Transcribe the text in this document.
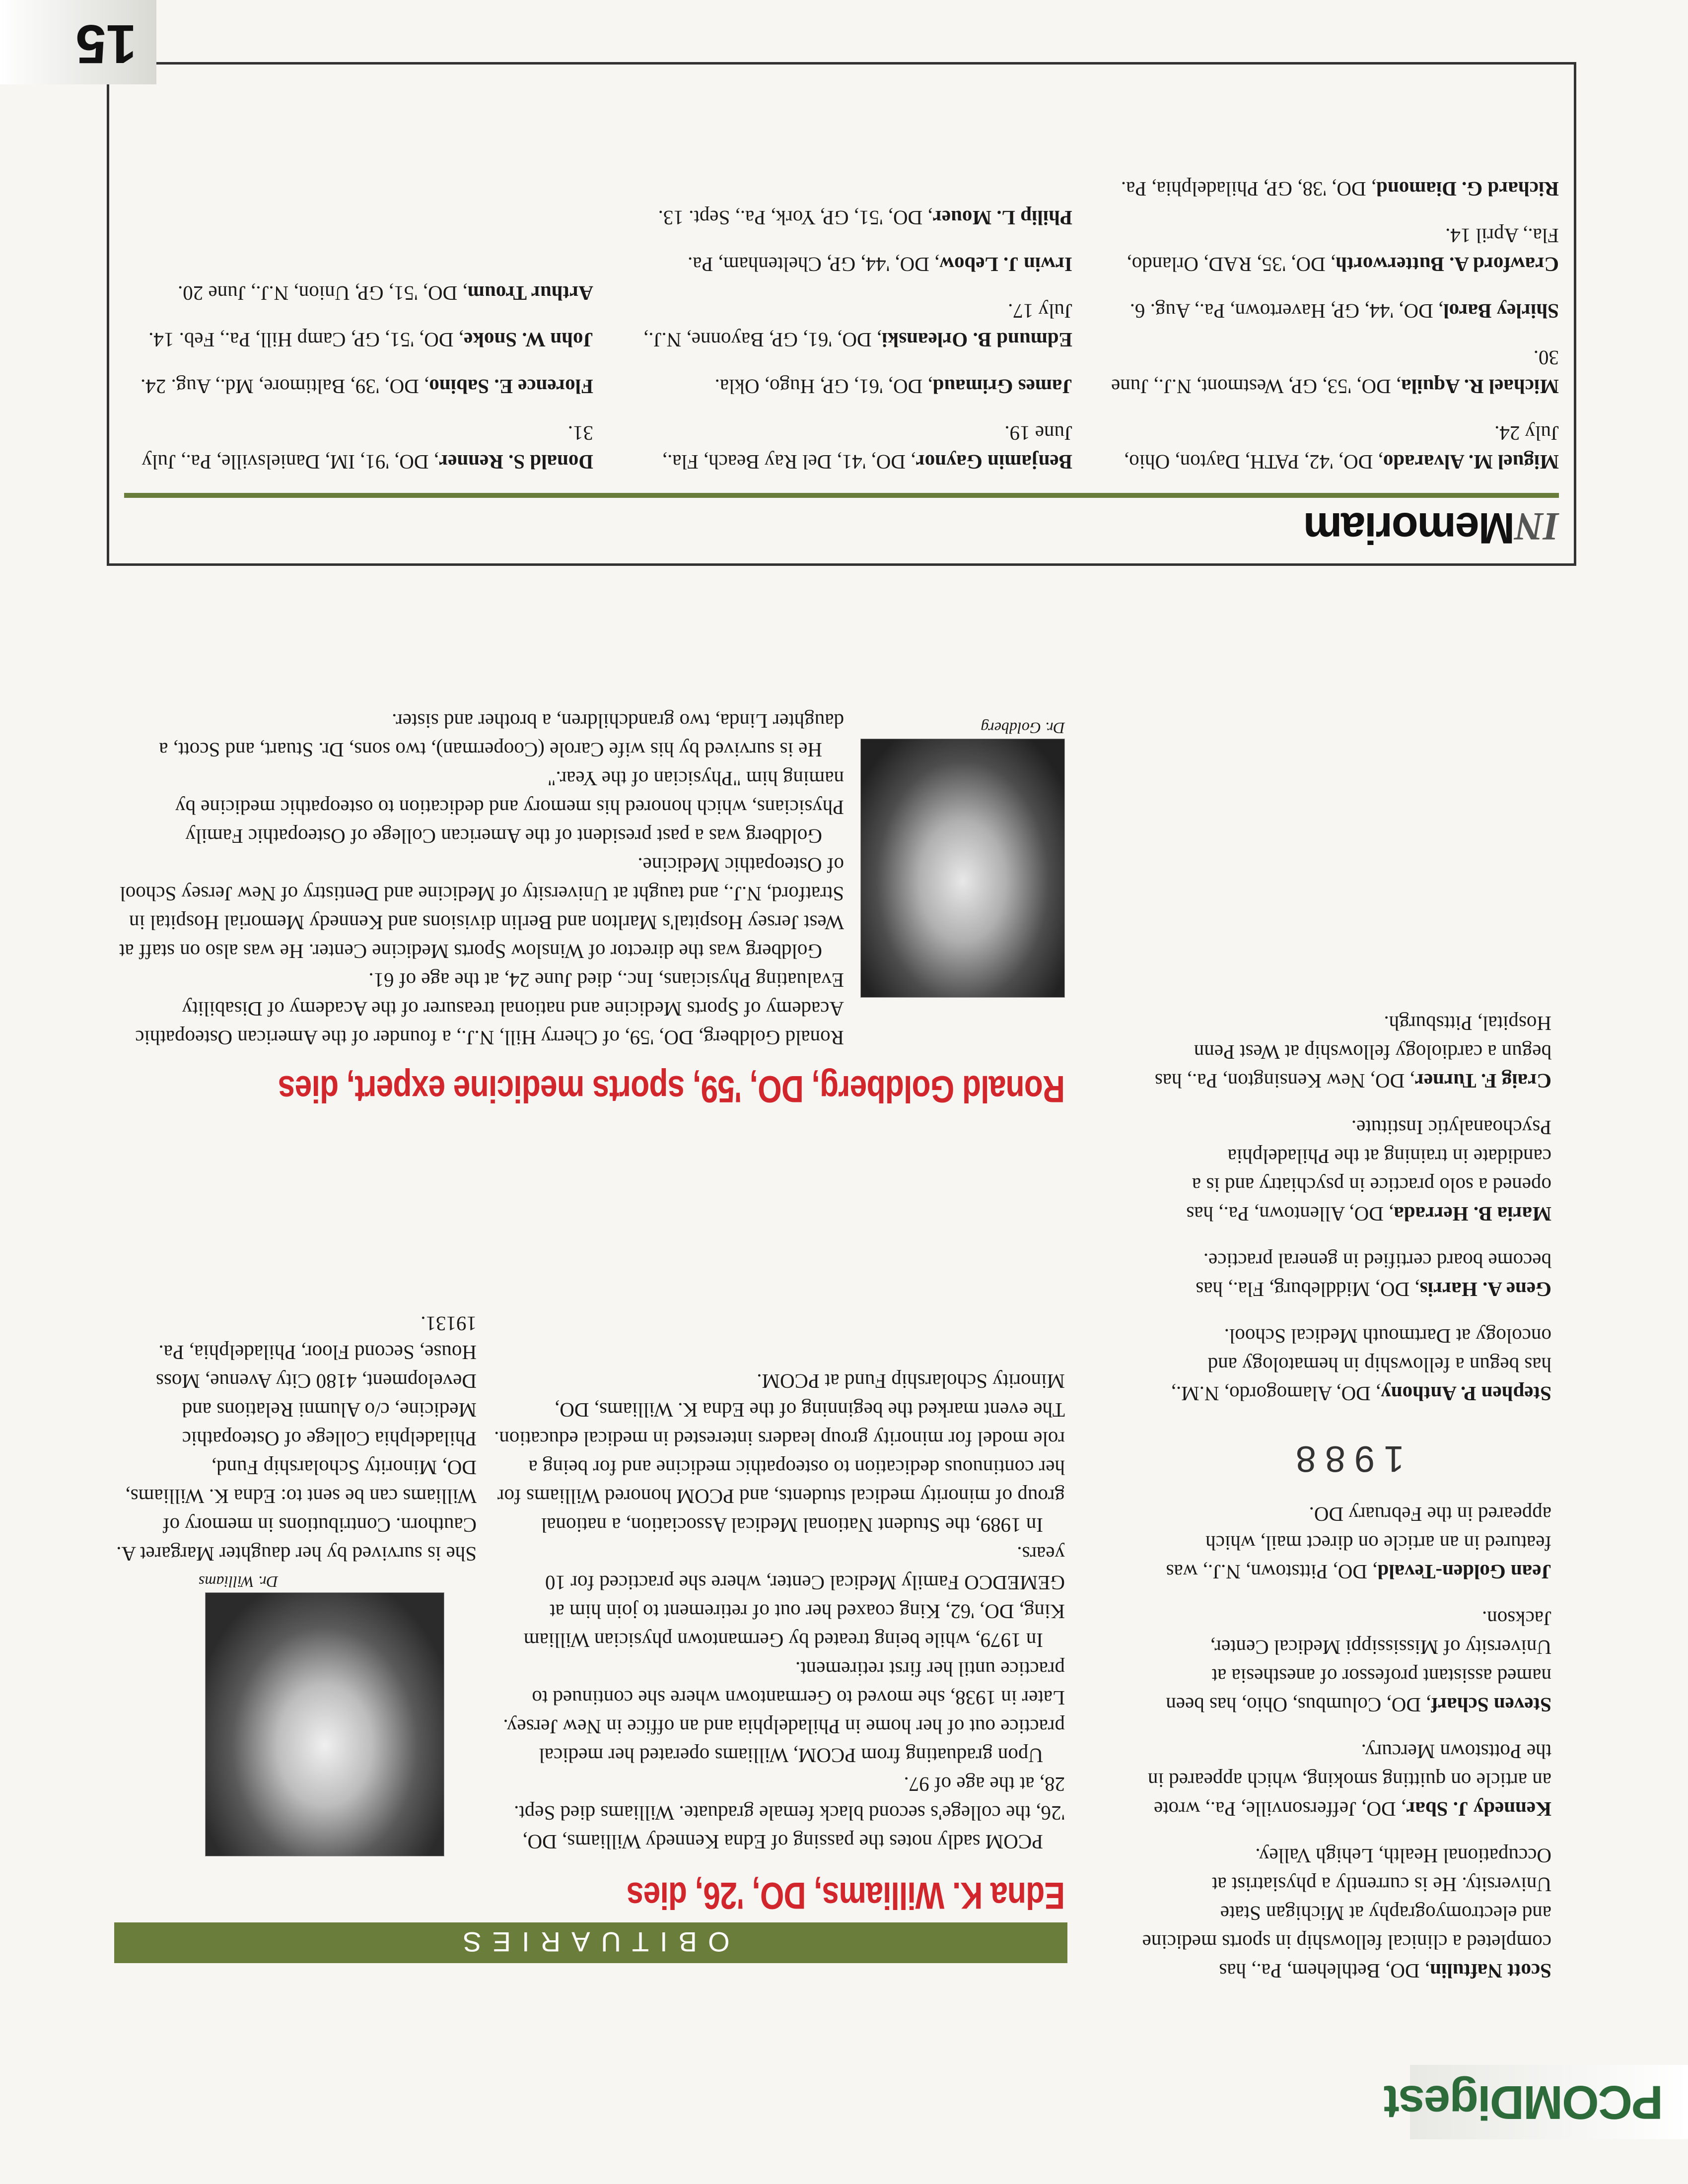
PCOMDigest
Scott Naftulin, DO, Bethlehem, Pa., has completed a clinical fellowship in sports medicine and electromyography at Michigan State University. He is currently a physiatrist at Occupational Health, Lehigh Valley.
Kennedy J. Sbar, DO, Jeffersonville, Pa., wrote an article on quitting smoking, which appeared in the Pottstown Mercury.
Steven Scharf, DO, Columbus, Ohio, has been named assistant professor of anesthesia at University of Mississippi Medical Center, Jackson.
Jean Golden-Tevald, DO, Pittstown, N.J., was featured in an article on direct mail, which appeared in the February DO.
1988
Stephen P. Anthony, DO, Alamogordo, N.M., has begun a fellowship in hematology and oncology at Dartmouth Medical School.
Gene A. Harris, DO, Middleburg, Fla., has become board certified in general practice.
Maria B. Herrada, DO, Allentown, Pa., has opened a solo practice in psychiatry and is a candidate in training at the Philadelphia Psychoanalytic Institute.
Craig F. Turner, DO, New Kensington, Pa., has begun a cardiology fellowship at West Penn Hospital, Pittsburgh.
OBITUARIES
Edna K. Williams, DO, '26, dies
Dr. Williams

PCOM sadly notes the passing of Edna Kennedy Williams, DO, '26, the college's second black female graduate. Williams died Sept. 28, at the age of 97.

Upon graduating from PCOM, Williams operated her medical practice out of her home in Philadelphia and an office in New Jersey. Later in 1938, she moved to Germantown where she continued to practice until her first retirement.

In 1979, while being treated by Germantown physician William King, DO, '62, King coaxed her out of retirement to join him at GEMEDCO Family Medical Center, where she practiced for 10 years.

In 1989, the Student National Medical Association, a national group of minority medical students, and PCOM honored Williams for her continuous dedication to osteopathic medicine and for being a role model for minority group leaders interested in medical education. The event marked the beginning of the Edna K. Williams, DO, Minority Scholarship Fund at PCOM.

She is survived by her daughter Margaret A. Cauthorn. Contributions in memory of Williams can be sent to: Edna K. Williams, DO, Minority Scholarship Fund, Philadelphia College of Osteopathic Medicine, c/o Alumni Relations and Development, 4180 City Avenue, Moss House, Second Floor, Philadelphia, Pa. 19131.

Ronald Goldberg, DO, '59, sports medicine expert, dies
Dr. Goldberg

Ronald Goldberg, DO, '59, of Cherry Hill, N.J., a founder of the American Osteopathic Academy of Sports Medicine and national treasurer of the Academy of Disability Evaluating Physicians, Inc., died June 24, at the age of 61.

Goldberg was the director of Winslow Sports Medicine Center. He was also on staff at West Jersey Hospital's Marlton and Berlin divisions and Kennedy Memorial Hospital in Stratford, N.J., and taught at University of Medicine and Dentistry of New Jersey School of Osteopathic Medicine.

Goldberg was a past president of the American College of Osteopathic Family Physicians, which honored his memory and dedication to osteopathic medicine by naming him "Physician of the Year."

He is survived by his wife Carole (Cooperman), two sons, Dr. Stuart, and Scott, a daughter Linda, two grandchildren, a brother and sister.

INMemoriam
Miguel M. Alvarado, DO, '42, PATH, Dayton, Ohio, July 24.
Michael R. Aquila, DO, '53, GP, Westmont, N.J., June 30.
Shirley Barol, DO, '44, GP, Havertown, Pa., Aug. 6.
Crawford A. Butterworth, DO, '35, RAD, Orlando, Fla., April 14.
Richard G. Diamond, DO, '38, GP, Philadelphia, Pa.
Benjamin Gaynor, DO, '41, Del Ray Beach, Fla., June 19.
James Grimaud, DO, '61, GP, Hugo, Okla.
Edmund B. Orleanski, DO, '61, GP, Bayonne, N.J., July 17.
Irwin J. Lebow, DO, '44, GP, Cheltenham, Pa.
Philip L. Mouer, DO, '51, GP, York, Pa., Sept. 13.
Donald S. Renner, DO, '91, IM, Danielsville, Pa., July 31.
Florence E. Sabino, DO, '39, Baltimore, Md., Aug. 24.
John W. Snoke, DO, '51, GP, Camp Hill, Pa., Feb. 14.
Arthur Troum, DO, '51, GP, Union, N.J., June 20.
15
